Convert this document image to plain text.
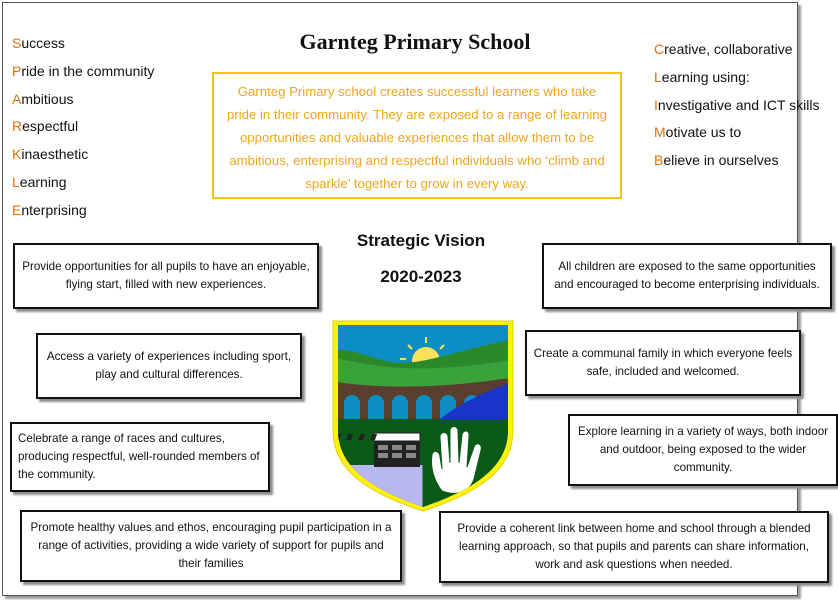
Garnteg Primary School
Success
Pride in the community
Ambitious
Respectful
Kinaesthetic
Learning
Enterprising
Creative, collaborative
Learning using:
Investigative and ICT skills
Motivate us to
Believe in ourselves
Garnteg Primary school creates successful learners who take pride in their community. They are exposed to a range of learning opportunities and valuable experiences that allow them to be ambitious, enterprising and respectful individuals who ‘climb and sparkle’ together to grow in every way.
Strategic Vision
2020-2023
Provide opportunities for all pupils to have an enjoyable, flying start, filled with new experiences.
Access a variety of experiences including sport, play and cultural differences.
Celebrate a range of races and cultures, producing respectful, well-rounded members of the community.
Promote healthy values and ethos, encouraging pupil participation in a range of activities, providing a wide variety of support for pupils and their families
All children are exposed to the same opportunities and encouraged to become enterprising individuals.
Create a communal family in which everyone feels safe, included and welcomed.
Explore learning in a variety of ways, both indoor and outdoor, being exposed to the wider community.
Provide a coherent link between home and school through a blended learning approach, so that pupils and parents can share information, work and ask questions when needed.
